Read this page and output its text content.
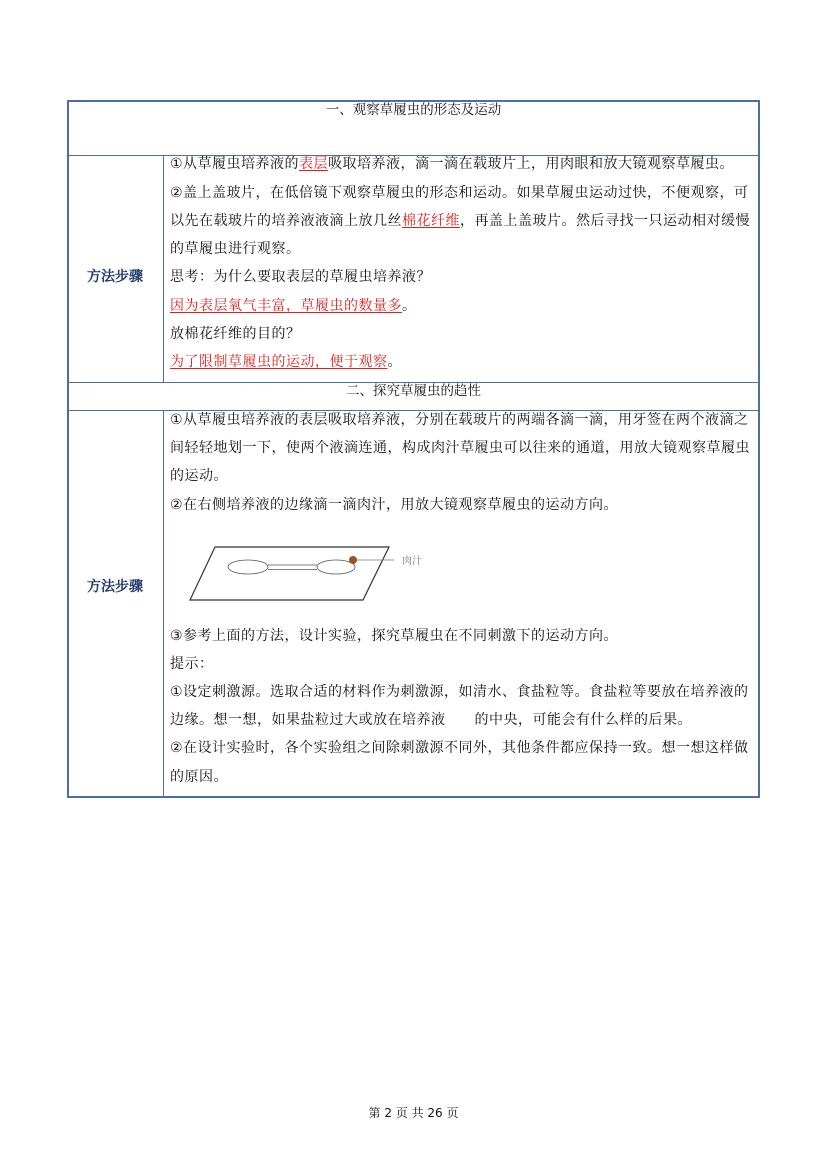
一、观察草履虫的形态及运动
方法步骤
①从草履虫培养液的表层吸取培养液，滴一滴在载玻片上，用肉眼和放大镜观察草履虫。
②盖上盖玻片，在低倍镜下观察草履虫的形态和运动。如果草履虫运动过快，不便观察，可
以先在载玻片的培养液液滴上放几丝棉花纤维，再盖上盖玻片。然后寻找一只运动相对缓慢
的草履虫进行观察。
思考：为什么要取表层的草履虫培养液？
因为表层氧气丰富，草履虫的数量多。
放棉花纤维的目的？
为了限制草履虫的运动，便于观察。
二、探究草履虫的趋性
方法步骤
①从草履虫培养液的表层吸取培养液，分别在载玻片的两端各滴一滴，用牙签在两个液滴之
间轻轻地划一下，使两个液滴连通，构成肉汁草履虫可以往来的通道，用放大镜观察草履虫
的运动。
②在右侧培养液的边缘滴一滴肉汁，用放大镜观察草履虫的运动方向。
肉汁
③参考上面的方法，设计实验，探究草履虫在不同刺激下的运动方向。
提示：
①设定刺激源。选取合适的材料作为刺激源，如清水、食盐粒等。食盐粒等要放在培养液的
边缘。想一想，如果盐粒过大或放在培养液　　的中央，可能会有什么样的后果。
②在设计实验时，各个实验组之间除刺激源不同外，其他条件都应保持一致。想一想这样做
的原因。
第 2 页 共 26 页
